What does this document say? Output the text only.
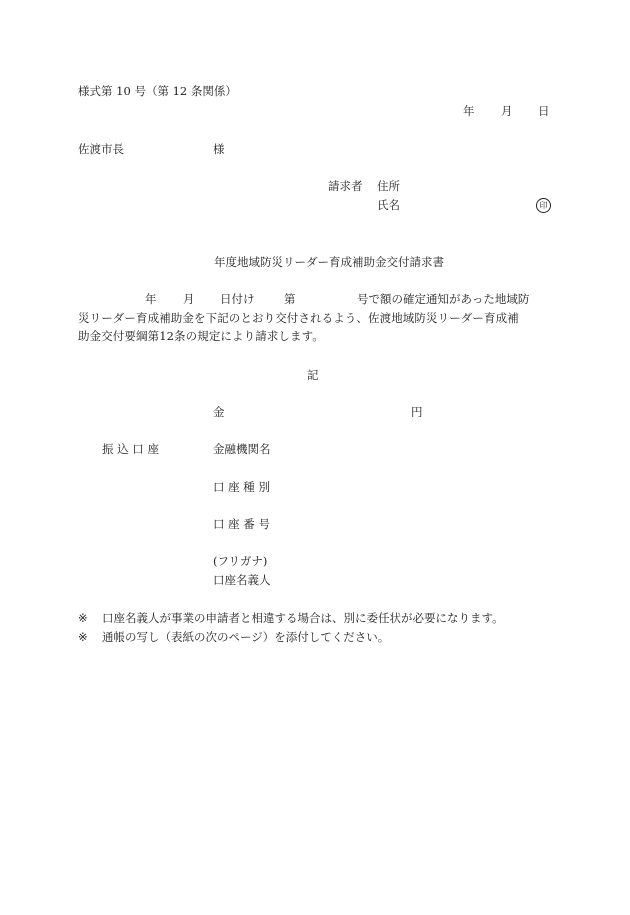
様式第 10 号（第 12 条関係）
年 月 日
佐渡市長	様
請求者 住所
氏名	印
年度地域防災リーダー育成補助金交付請求書
年 月 日付け	第	号で額の確定通知があった地域防
災リーダー育成補助金を下記のとおり交付されるよう、佐渡地域防災リーダー育成補
助金交付要綱第12条の規定により請求します。
記
金	円
振 込 口 座	金融機関名
口 座 種 別
口 座 番 号
(フリガナ)
口座名義人
※ 口座名義人が事業の申請者と相違する場合は、別に委任状が必要になります。
※ 通帳の写し（表紙の次のページ）を添付してください。
